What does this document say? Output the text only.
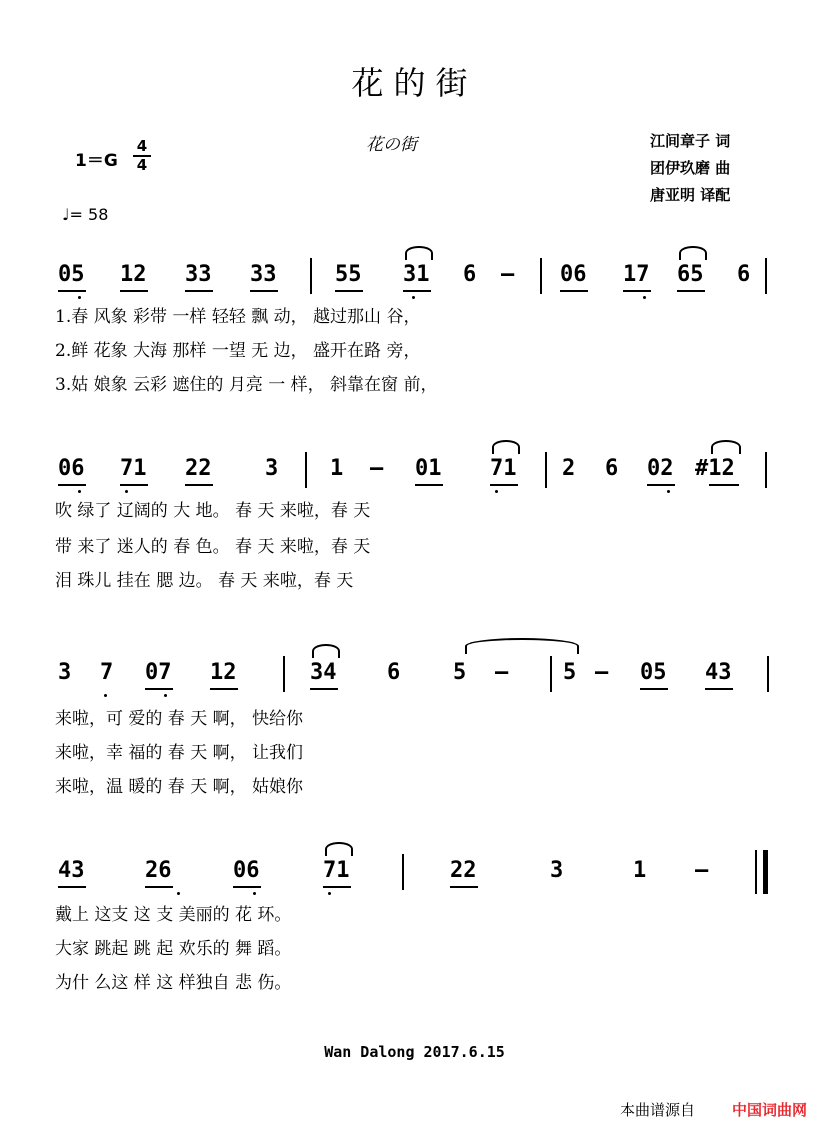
花的街
花の街	江间章子 词
团伊玖磨 曲
唐亚明 译配
1＝G
4
4
♩= 58
05 12 33 33	55 31 6 — 06 17 65 6
1.春 风象 彩带 一样 轻轻 飘 动， 越过那山 谷，
2.鲜 花象 大海 那样 一望 无 边， 盛开在路 旁，
3.姑 娘象 云彩 遮住的 月亮 一 样， 斜靠在窗 前，
06 71 22 3 1 — 01 71 2 6 02 #12
吹 绿了 辽阔的 大 地。 春 天 来啦，春 天
带 来了 迷人的 春 色。 春 天 来啦，春 天
泪 珠儿 挂在 腮 边。 春 天 来啦，春 天
3 7 07 12	34 6 5 — 5 — 05 43
来啦，可 爱的 春 天 啊， 快给你
来啦，幸 福的 春 天 啊， 让我们
来啦，温 暖的 春 天 啊， 姑娘你
43	26	06	71	22	3	1 —
戴上 这支 这 支 美丽的 花 环。
大家 跳起 跳 起 欢乐的 舞 蹈。
为什 么这 样 这 样独自 悲 伤。
Wan Dalong 2017.6.15
本曲谱源自 中国词曲网
